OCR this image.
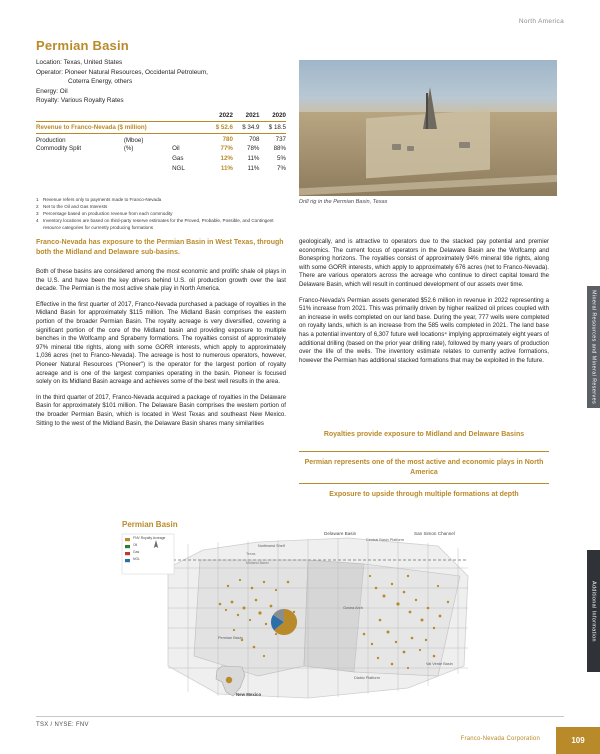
North America
Mineral Resources and Mineral Reserves
Additional Information
Permian Basin
Location: Texas, United States
Operator: Pioneer Natural Resources, Occidental Petroleum,
Coterra Energy, others
Energy: Oil
Royalty: Various Royalty Rates
Drill rig in the Permian Basin, Texas
			2022		2021		2020
Revenue to Franco-Nevada ($ million)			$ 52.6		$ 34.9		$ 18.5
Production	(Mboe)		780		708		737
Commodity Split	(%)	Oil	77%		78%		88%
		Gas	12%		11%		5%
		NGL	11%		11%		7%
1 Revenue refers only to payments made to Franco-Nevada
2 Net to the Oil and Gas Interests
3 Percentage based on production revenue from each commodity
4 Inventory locations are based on third-party reserve estimates for the Proved, Probable, Possible, and Contingent resource categories for currently producing formations
Franco-Nevada has exposure to the Permian Basin in West Texas, through both the Midland and Delaware sub-basins.

Both of these basins are considered among the most economic and prolific shale oil plays in the U.S. and have been the key drivers behind U.S. oil production growth over the last decade. The Permian is the most active shale play in North America.

Effective in the first quarter of 2017, Franco-Nevada purchased a package of royalties in the Midland Basin for approximately $115 million. The Midland Basin comprises the eastern portion of the broader Permian Basin. The royalty acreage is very diversified, covering a significant portion of the core of the Midland basin and providing exposure to multiple benches in the Wolfcamp and Spraberry formations. The royalties consist of approximately 97% mineral title rights, along with some GORR interests, which apply to approximately 1,036 acres (net to Franco-Nevada). The acreage is host to numerous operators, however, Pioneer Natural Resources ("Pioneer") is the operator for the largest portion of royalty acreage and is one of the largest companies operating in the basin. Pioneer is focused solely on its Midland Basin acreage and achieves some of the best well results in the area.

In the third quarter of 2017, Franco-Nevada acquired a package of royalties in the Delaware Basin for approximately $101 million. The Delaware Basin comprises the western portion of the broader Permian Basin, which is located in West Texas and southeast New Mexico. Sitting to the west of the Midland Basin, the Delaware Basin shares many similarities

geologically, and is attractive to operators due to the stacked pay potential and premier economics. The current focus of operators in the Delaware Basin are the Wolfcamp and Bonespring horizons. The royalties consist of approximately 94% mineral title rights, along with some GORR interests, which apply to approximately 676 acres (net to Franco-Nevada). There are various operators across the acreage who continue to direct capital toward the Delaware Basin, which will result in continued development of our assets over time.

Franco-Nevada's Permian assets generated $52.6 million in revenue in 2022 representing a 51% increase from 2021. This was primarily driven by higher realized oil prices coupled with an increase in wells completed on our land base. During the year, 777 wells were completed on royalty lands, which is an increase from the 585 wells completed in 2021. The land base has a potential inventory of 6,307 future well locations⁴ implying approximately eight years of additional drilling (based on the prior year drilling rate), followed by many years of production over the life of the wells. The inventory estimate relates to currently active formations, however the Permian has additional stacked formations that may be exploited in the future.

Royalties provide exposure to Midland and Delaware Basins
Permian represents one of the most active and economic plays in North America
Exposure to upside through multiple formations at depth
Permian Basin
Delaware Basin	San Simon Channel
Northwest Shelf
Central Basin Platform
Ozona Arch
Val Verde Basin
Diablo Platform
Permian Basin
New Mexico
Texas
Midland Basin
FNV Royalty Acreage
Oil
Gas
NGL
TSX / NYSE: FNV
Franco-Nevada Corporation	109
